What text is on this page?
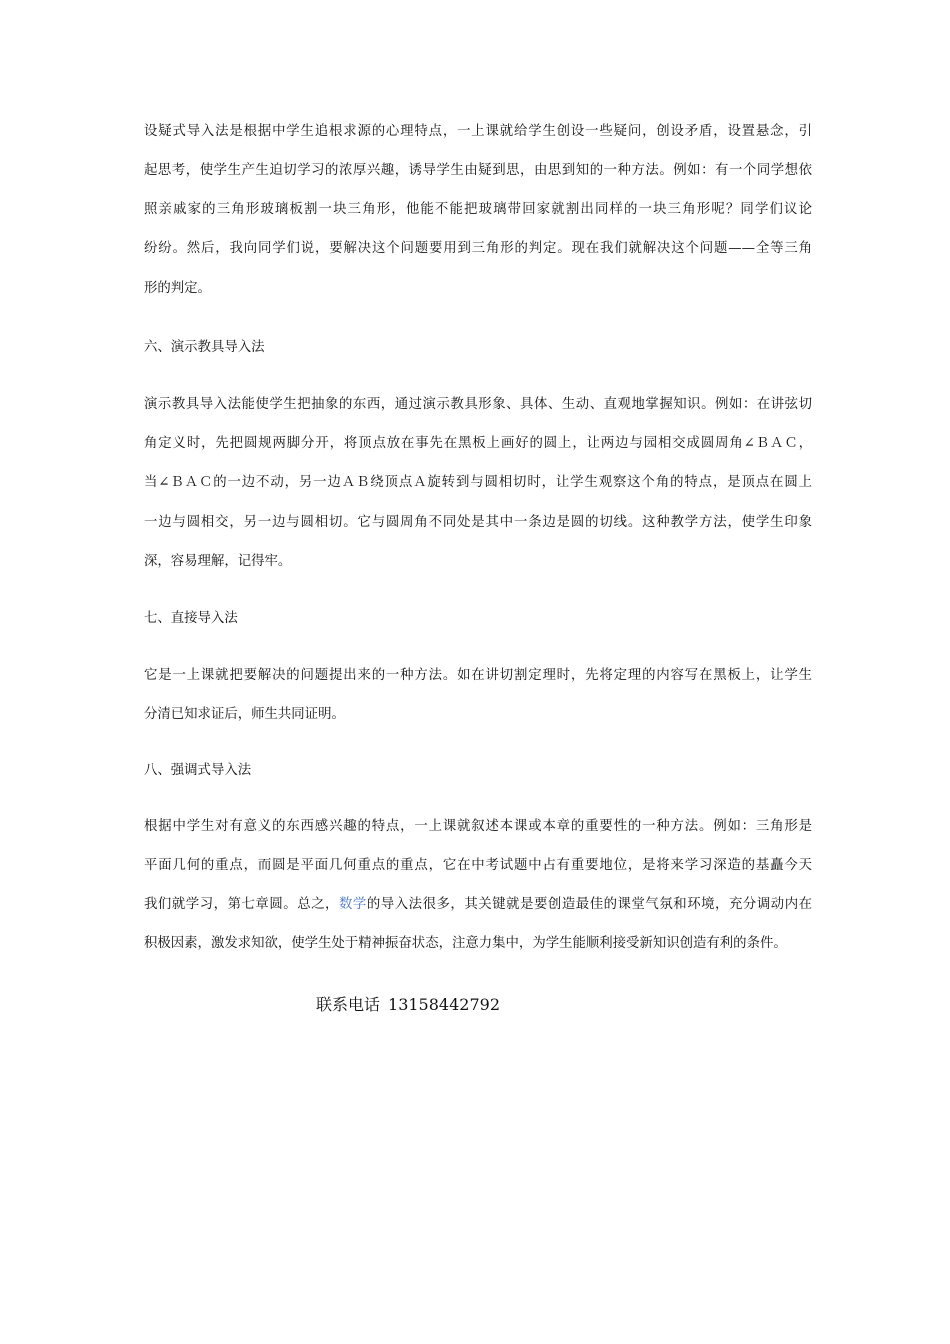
设疑式导入法是根据中学生追根求源的心理特点，一上课就给学生创设一些疑问，创设矛盾，设置悬念，引
起思考，使学生产生迫切学习的浓厚兴趣，诱导学生由疑到思，由思到知的一种方法。例如：有一个同学想依
照亲戚家的三角形玻璃板割一块三角形，他能不能把玻璃带回家就割出同样的一块三角形呢？同学们议论
纷纷。然后，我向同学们说，要解决这个问题要用到三角形的判定。现在我们就解决这个问题——全等三角
形的判定。
六、演示教具导入法
演示教具导入法能使学生把抽象的东西，通过演示教具形象、具体、生动、直观地掌握知识。例如：在讲弦切
角定义时，先把圆规两脚分开，将顶点放在事先在黑板上画好的圆上，让两边与园相交成圆周角∠ＢＡＣ，
当∠ＢＡＣ的一边不动，另一边ＡＢ绕顶点Ａ旋转到与圆相切时，让学生观察这个角的特点，是顶点在圆上
一边与圆相交，另一边与圆相切。它与圆周角不同处是其中一条边是圆的切线。这种教学方法，使学生印象
深，容易理解，记得牢。
七、直接导入法
它是一上课就把要解决的问题提出来的一种方法。如在讲切割定理时，先将定理的内容写在黑板上，让学生
分清已知求证后，师生共同证明。
八、强调式导入法
根据中学生对有意义的东西感兴趣的特点，一上课就叙述本课或本章的重要性的一种方法。例如：三角形是
平面几何的重点，而圆是平面几何重点的重点，它在中考试题中占有重要地位，是将来学习深造的基矗今天
我们就学习，第七章圆。总之，数学的导入法很多，其关键就是要创造最佳的课堂气氛和环境，充分调动内在
积极因素，激发求知欲，使学生处于精神振奋状态，注意力集中，为学生能顺利接受新知识创造有利的条件。
联系电话 13158442792
